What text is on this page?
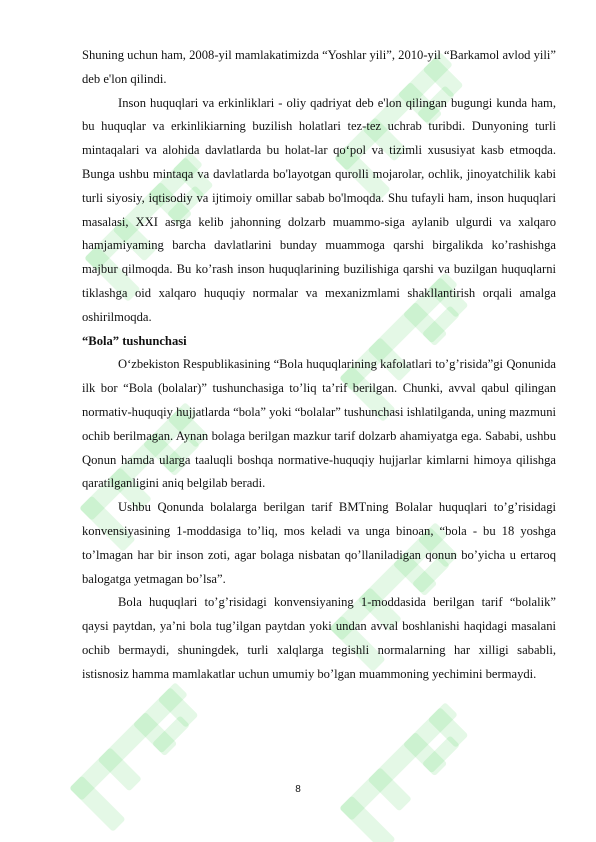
Shuning uchun ham, 2008-yil mamlakatimizda “Yoshlar yili”, 2010-yil “Barkamol avlod yili” deb e'lon qilindi.

Inson huquqlari va erkinliklari - oliy qadriyat deb e'lon qilingan bugungi kunda ham, bu huquqlar va erkinlikiarning buzilish holatlari tez-tez uchrab turibdi. Dunyoning turli mintaqalari va alohida davlatlarda bu holat-lar qo‘pol va tizimli xususiyat kasb etmoqda. Bunga ushbu mintaqa va davlatlarda bo'layotgan qurolli mojarolar, ochlik, jinoyatchilik kabi turli siyosiy, iqtisodiy va ijtimoiy omillar sabab bo'lmoqda. Shu tufayli ham, inson huquqlari masalasi, XXI asrga kelib jahonning dolzarb muammo-siga aylanib ulgurdi va xalqaro hamjamiyaming barcha davlatlarini bunday muammoga qarshi birgalikda ko’rashishga majbur qilmoqda. Bu ko’rash inson huquqlarining buzilishiga qarshi va buzilgan huquqlarni tiklashga oid xalqaro huquqiy normalar va mexanizmlami shakllantirish orqali amalga oshirilmoqda.

“Bola” tushunchasi

O‘zbekiston Respublikasining “Bola huquqlarining kafolatlari to’g’risida”gi Qonunida ilk bor “Bola (bolalar)” tushunchasiga to’liq ta’rif berilgan. Chunki, avval qabul qilingan normativ-huquqiy hujjatlarda “bola” yoki “bolalar” tushunchasi ishlatilganda, uning mazmuni ochib berilmagan. Aynan bolaga berilgan mazkur tarif dolzarb ahamiyatga ega. Sababi, ushbu Qonun hamda ularga taaluqli boshqa normative-huquqiy hujjarlar kimlarni himoya qilishga qaratilganligini aniq belgilab beradi.

Ushbu Qonunda bolalarga berilgan tarif BMTning Bolalar huquqlari to’g’risidagi konvensiyasining 1-moddasiga to’liq, mos keladi va unga binoan, “bola - bu 18 yoshga to’lmagan har bir inson zoti, agar bolaga nisbatan qo’llaniladigan qonun bo’yicha u ertaroq balogatga yetmagan bo’lsa”.

Bola huquqlari to’g’risidagi konvensiyaning 1-moddasida berilgan tarif “bolalik” qaysi paytdan, ya’ni bola tug’ilgan paytdan yoki undan avval boshlanishi haqidagi masalani ochib bermaydi, shuningdek, turli xalqlarga tegishli normalarning har xilligi sababli, istisnosiz hamma mamlakatlar uchun umumiy bo’lgan muammoning yechimini bermaydi.

8
